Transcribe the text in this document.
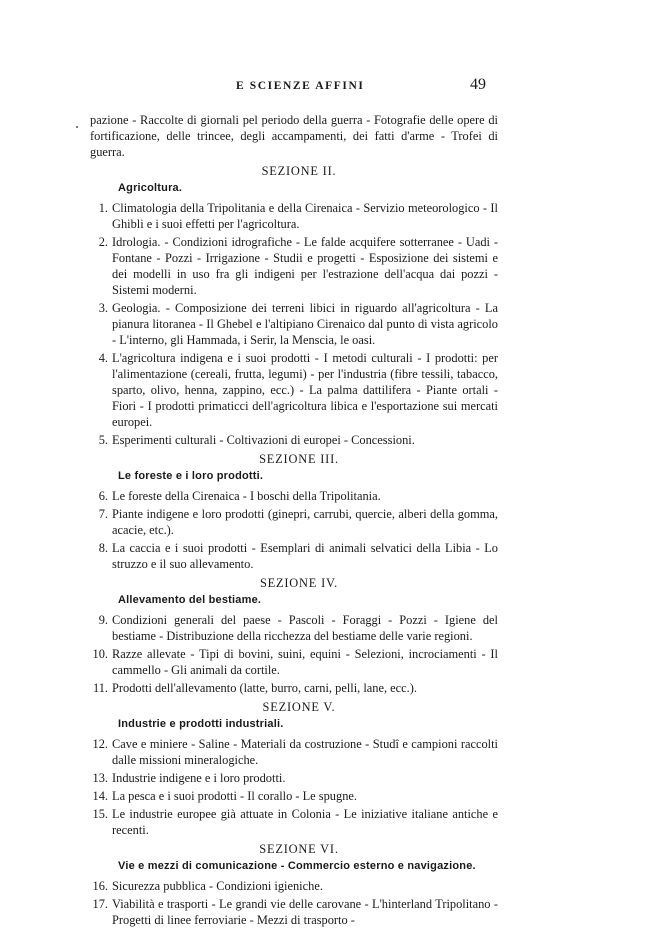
E SCIENZE AFFINI	49

pazione - Raccolte di giornali pel periodo della guerra - Fotografie delle opere di fortificazione, delle trincee, degli accampamenti, dei fatti d'arme - Trofei di guerra.

SEZIONE II.
Agricoltura.
1. Climatologia della Tripolitania e della Cirenaica - Servizio meteorologico - Il Ghibli e i suoi effetti per l'agricoltura.
2. Idrologia. - Condizioni idrografiche - Le falde acquifere sotterranee - Uadi - Fontane - Pozzi - Irrigazione - Studii e progetti - Esposizione dei sistemi e dei modelli in uso fra gli indigeni per l'estrazione dell'acqua dai pozzi - Sistemi moderni.
3. Geologia. - Composizione dei terreni libici in riguardo all'agricoltura - La pianura litoranea - Il Ghebel e l'altipiano Cirenaico dal punto di vista agricolo - L'interno, gli Hammada, i Serir, la Menscia, le oasi.
4. L'agricoltura indigena e i suoi prodotti - I metodi culturali - I prodotti: per l'alimentazione (cereali, frutta, legumi) - per l'industria (fibre tessili, tabacco, sparto, olivo, henna, zappino, ecc.) - La palma dattilifera - Piante ortali - Fiori - I prodotti primaticci dell'agricoltura libica e l'esportazione sui mercati europei.
5. Esperimenti culturali - Coltivazioni di europei - Concessioni.
SEZIONE III.
Le foreste e i loro prodotti.
6. Le foreste della Cirenaica - I boschi della Tripolitania.
7. Piante indigene e loro prodotti (ginepri, carrubi, quercie, alberi della gomma, acacie, etc.).
8. La caccia e i suoi prodotti - Esemplari di animali selvatici della Libia - Lo struzzo e il suo allevamento.
SEZIONE IV.
Allevamento del bestiame.
9. Condizioni generali del paese - Pascoli - Foraggi - Pozzi - Igiene del bestiame - Distribuzione della ricchezza del bestiame delle varie regioni.
10. Razze allevate - Tipi di bovini, suini, equini - Selezioni, incrociamenti - Il cammello - Gli animali da cortile.
11. Prodotti dell'allevamento (latte, burro, carni, pelli, lane, ecc.).
SEZIONE V.
Industrie e prodotti industriali.
12. Cave e miniere - Saline - Materiali da costruzione - Studî e campioni raccolti dalle missioni mineralogiche.
13. Industrie indigene e i loro prodotti.
14. La pesca e i suoi prodotti - Il corallo - Le spugne.
15. Le industrie europee già attuate in Colonia - Le iniziative italiane antiche e recenti.
SEZIONE VI.
Vie e mezzi di comunicazione - Commercio esterno e navigazione.
16. Sicurezza pubblica - Condizioni igieniche.
17. Viabilità e trasporti - Le grandi vie delle carovane - L'hinterland Tripolitano - Progetti di linee ferroviarie - Mezzi di trasporto -
